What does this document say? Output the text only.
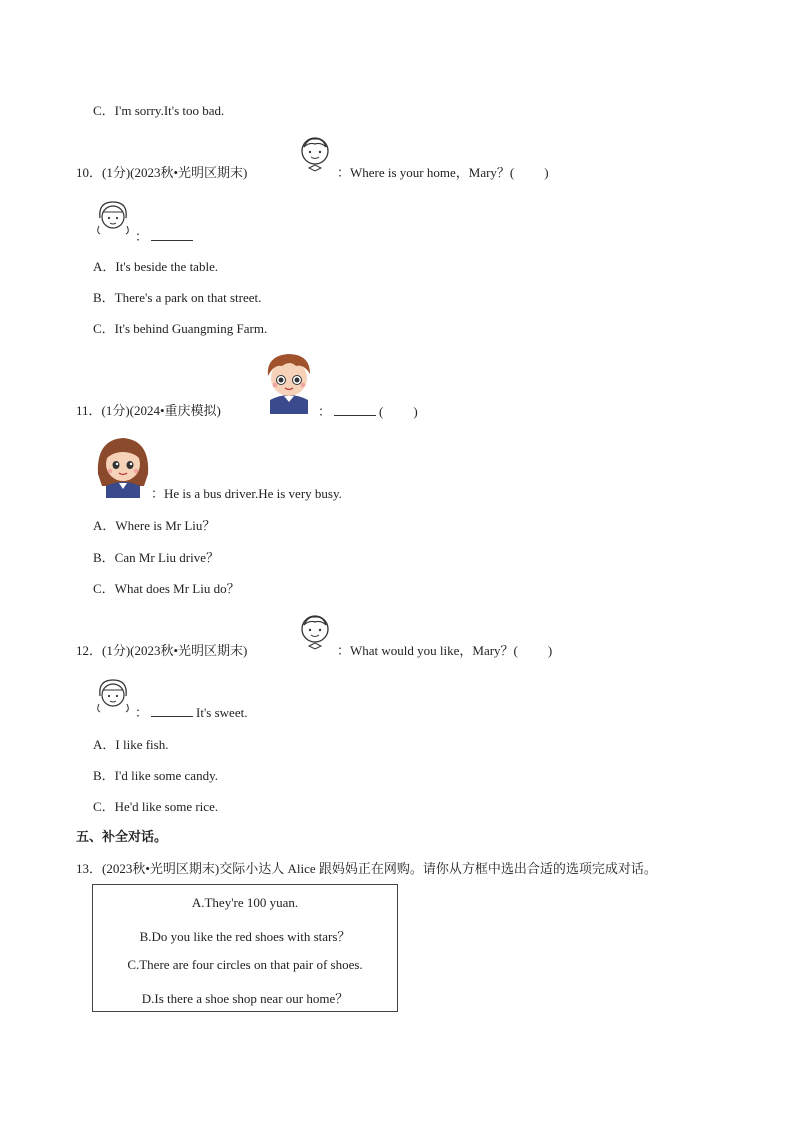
C．I'm sorry.It's too bad.
10．(1分)(2023秋•光明区期末)	：Where is your home，Mary？( )
：
A．It's beside the table.
B．There's a park on that street.
C．It's behind Guangming Farm.
11．(1分)(2024•重庆模拟)	：	( )
：He is a bus driver.He is very busy.
A．Where is Mr Liu？
B．Can Mr Liu drive？
C．What does Mr Liu do？
12．(1分)(2023秋•光明区期末)	：What would you like，Mary？( )
：	It's sweet.
A．I like fish.
B．I'd like some candy.
C．He'd like some rice.
五、补全对话。
13．(2023秋•光明区期末)交际小达人 Alice 跟妈妈正在网购。请你从方框中选出合适的选项完成对话。
A.They're 100 yuan.
B.Do you like the red shoes with stars？
C.There are four circles on that pair of shoes.
D.Is there a shoe shop near our home？
